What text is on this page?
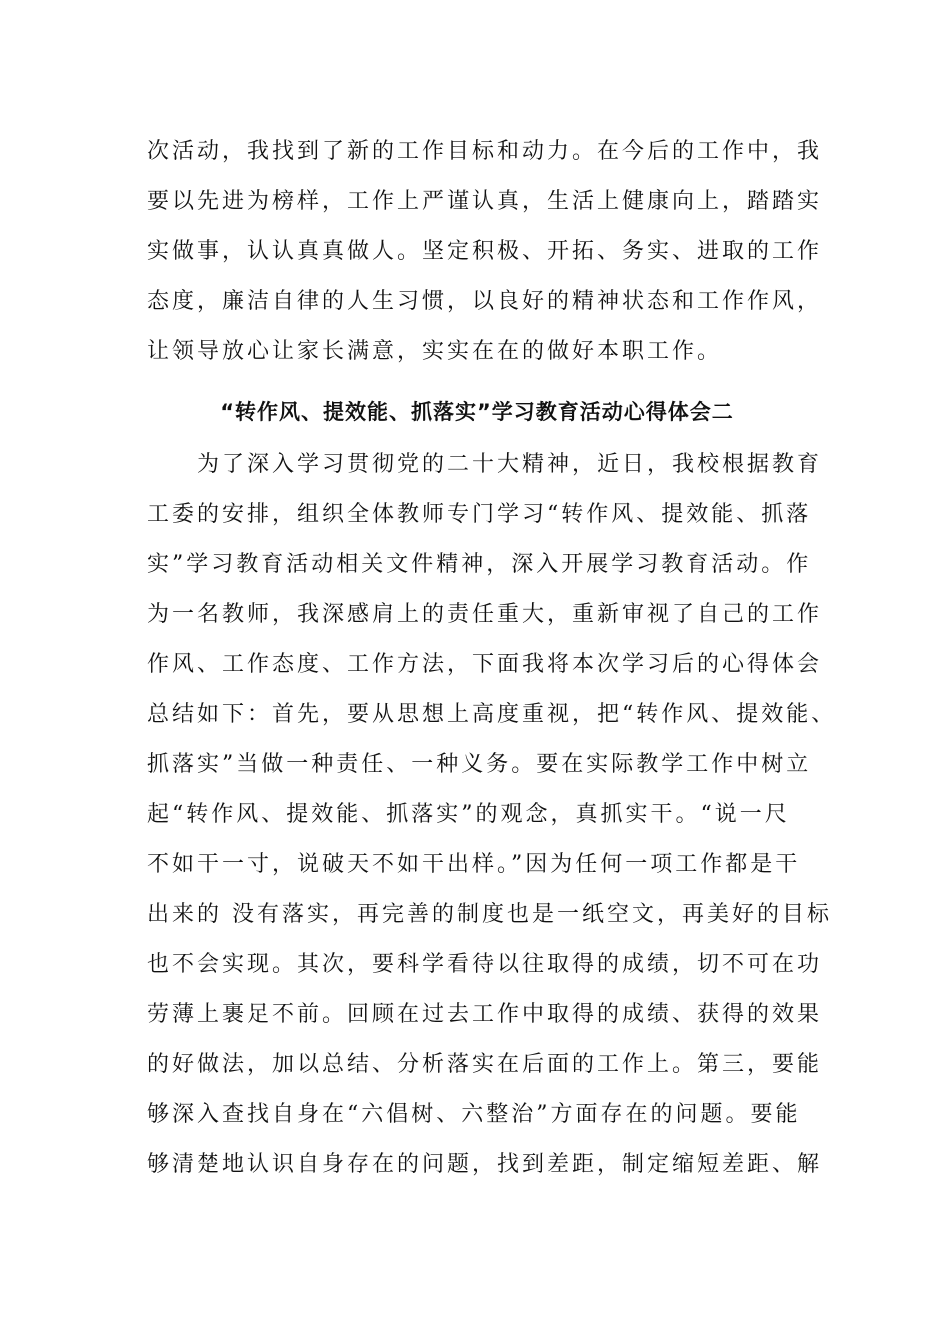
次活动，我找到了新的工作目标和动力。在今后的工作中，我

要以先进为榜样，工作上严谨认真，生活上健康向上，踏踏实

实做事，认认真真做人。坚定积极、开拓、务实、进取的工作

态度，廉洁自律的人生习惯，以良好的精神状态和工作作风，

让领导放心让家长满意，实实在在的做好本职工作。

“转作风、提效能、抓落实”学习教育活动心得体会二

　　为了深入学习贯彻党的二十大精神，近日，我校根据教育

工委的安排，组织全体教师专门学习“转作风、提效能、抓落

实”学习教育活动相关文件精神，深入开展学习教育活动。作

为一名教师，我深感肩上的责任重大，重新审视了自己的工作

作风、工作态度、工作方法，下面我将本次学习后的心得体会

总结如下：首先，要从思想上高度重视，把“转作风、提效能、

抓落实”当做一种责任、一种义务。要在实际教学工作中树立

起“转作风、提效能、抓落实”的观念，真抓实干。“说一尺

不如干一寸，说破天不如干出样。”因为任何一项工作都是干

出来的 没有落实，再完善的制度也是一纸空文，再美好的目标

也不会实现。其次，要科学看待以往取得的成绩，切不可在功

劳薄上裹足不前。回顾在过去工作中取得的成绩、获得的效果

的好做法，加以总结、分析落实在后面的工作上。第三，要能

够深入查找自身在“六倡树、六整治”方面存在的问题。要能

够清楚地认识自身存在的问题，找到差距，制定缩短差距、解
